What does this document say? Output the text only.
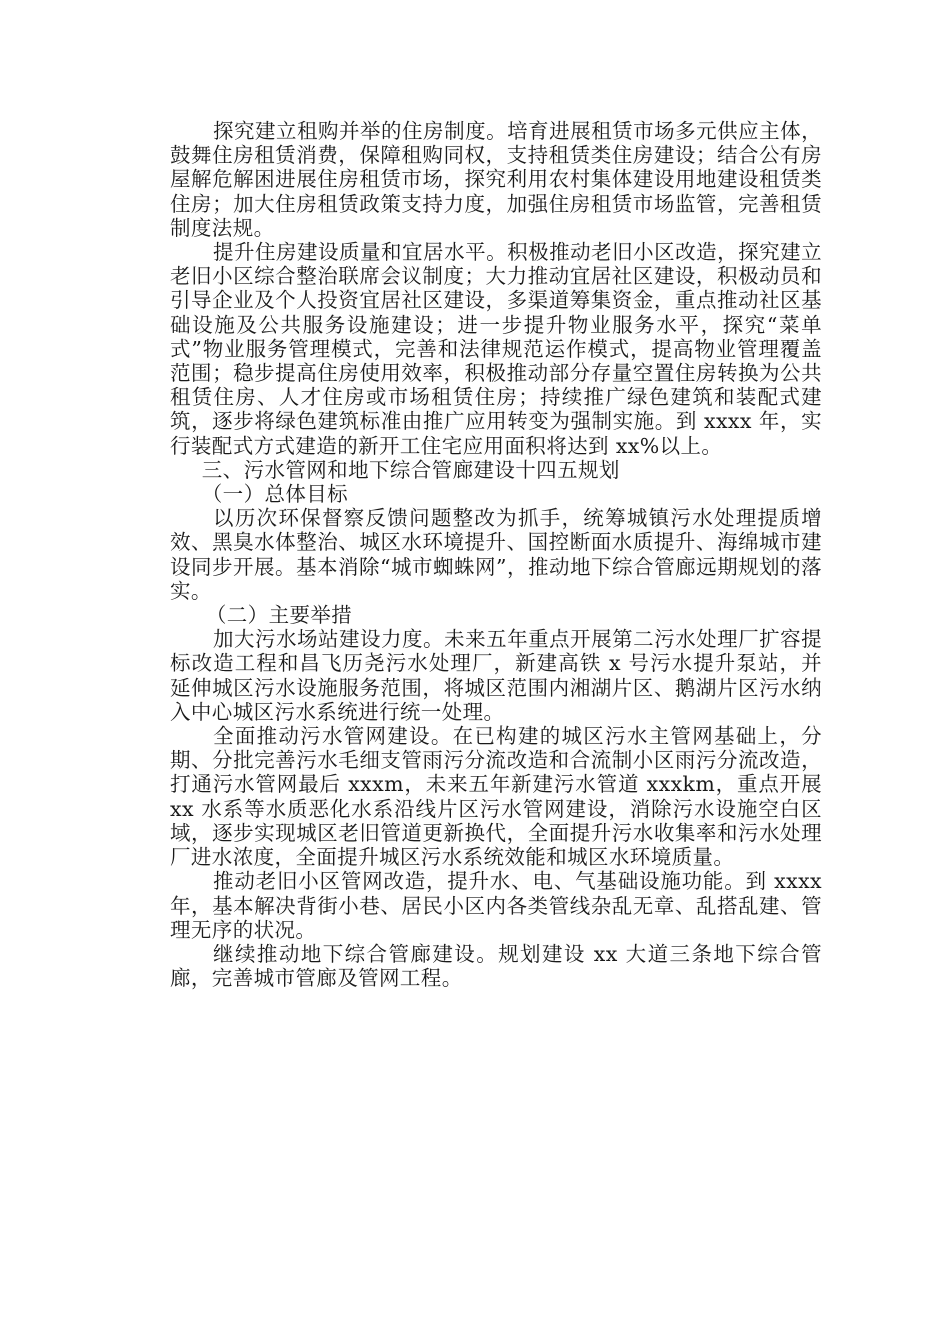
探究建立租购并举的住房制度。培育进展租赁市场多元供应主体，鼓舞住房租赁消费，保障租购同权，支持租赁类住房建设；结合公有房屋解危解困进展住房租赁市场，探究利用农村集体建设用地建设租赁类住房；加大住房租赁政策支持力度，加强住房租赁市场监管，完善租赁制度法规。

提升住房建设质量和宜居水平。积极推动老旧小区改造，探究建立老旧小区综合整治联席会议制度；大力推动宜居社区建设，积极动员和引导企业及个人投资宜居社区建设，多渠道筹集资金，重点推动社区基础设施及公共服务设施建设；进一步提升物业服务水平，探究“菜单式”物业服务管理模式，完善和法律规范运作模式，提高物业管理覆盖范围；稳步提高住房使用效率，积极推动部分存量空置住房转换为公共租赁住房、人才住房或市场租赁住房；持续推广绿色建筑和装配式建筑，逐步将绿色建筑标准由推广应用转变为强制实施。到 xxxx 年，实行装配式方式建造的新开工住宅应用面积将达到 xx%以上。

三、污水管网和地下综合管廊建设十四五规划

（一）总体目标

以历次环保督察反馈问题整改为抓手，统筹城镇污水处理提质增效、黑臭水体整治、城区水环境提升、国控断面水质提升、海绵城市建设同步开展。基本消除“城市蜘蛛网”，推动地下综合管廊远期规划的落实。

（二）主要举措

加大污水场站建设力度。未来五年重点开展第二污水处理厂扩容提标改造工程和昌飞历尧污水处理厂，新建高铁 x 号污水提升泵站，并延伸城区污水设施服务范围，将城区范围内湘湖片区、鹅湖片区污水纳入中心城区污水系统进行统一处理。

全面推动污水管网建设。在已构建的城区污水主管网基础上，分期、分批完善污水毛细支管雨污分流改造和合流制小区雨污分流改造，打通污水管网最后 xxxm，未来五年新建污水管道 xxxkm，重点开展 xx 水系等水质恶化水系沿线片区污水管网建设，消除污水设施空白区域，逐步实现城区老旧管道更新换代，全面提升污水收集率和污水处理厂进水浓度，全面提升城区污水系统效能和城区水环境质量。

推动老旧小区管网改造，提升水、电、气基础设施功能。到 xxxx 年，基本解决背街小巷、居民小区内各类管线杂乱无章、乱搭乱建、管理无序的状况。

继续推动地下综合管廊建设。规划建设 xx 大道三条地下综合管廊，完善城市管廊及管网工程。
